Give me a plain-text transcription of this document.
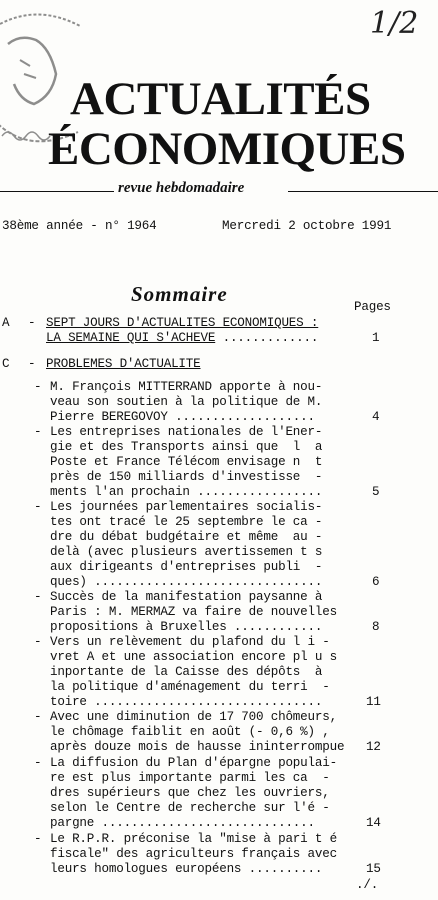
1/2
ACTUALITÉS
ÉCONOMIQUES
revue hebdomadaire
38ème année - n° 1964	Mercredi 2 octobre 1991
Sommaire
Pages
A - SEPT JOURS D'ACTUALITES ECONOMIQUES :
LA SEMAINE QUI S'ACHEVE .............	1
C - PROBLEMES D'ACTUALITE
- M. François MITTERRAND apporte à nou-
veau son soutien à la politique de M.
Pierre BEREGOVOY ...................	4
- Les entreprises nationales de l'Ener-
gie et des Transports ainsi que  l  a
Poste et France Télécom envisage n  t
près de 150 milliards d'investisse  -
ments l'an prochain .................	5
- Les journées parlementaires socialis-
tes ont tracé le 25 septembre le ca -
dre du débat budgétaire et même  au -
delà (avec plusieurs avertissemen t s
aux dirigeants d'entreprises publi  -
ques) ...............................	6
- Succès de la manifestation paysanne à
Paris : M. MERMAZ va faire de nouvelles
propositions à Bruxelles ............	8
- Vers un relèvement du plafond du l i -
vret A et une association encore pl u s
inportante de la Caisse des dépôts  à
la politique d'aménagement du terri  -
toire ...............................	11
- Avec une diminution de 17 700 chômeurs,
le chômage faiblit en août (- 0,6 %) ,
après douze mois de hausse ininterrompue 12
- La diffusion du Plan d'épargne populai-
re est plus importante parmi les ca  -
dres supérieurs que chez les ouvriers,
selon le Centre de recherche sur l'é -
pargne .............................	14
- Le R.P.R. préconise la "mise à pari t é
fiscale" des agriculteurs français avec
leurs homologues européens ..........	15
./.
